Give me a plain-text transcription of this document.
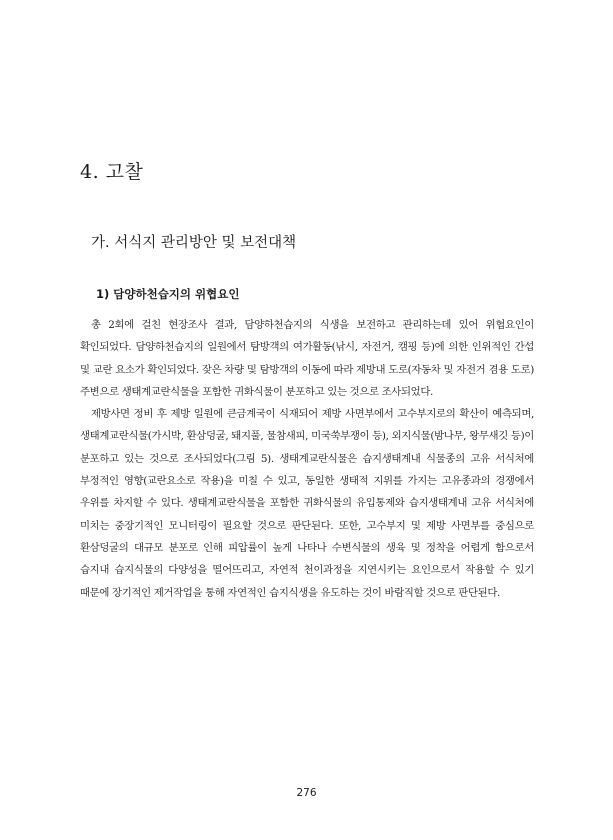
4. 고찰
가. 서식지 관리방안 및 보전대책
1) 담양하천습지의 위협요인

총 2회에 걸친 현장조사 결과, 담양하천습지의 식생을 보전하고 관리하는데 있어 위협요인이 확인되었다. 담양하천습지의 일원에서 탐방객의 여가활동(낚시, 자전거, 캠핑 등)에 의한 인위적인 간섭 및 교란 요소가 확인되었다. 잦은 차량 및 탐방객의 이동에 따라 제방내 도로(자동차 및 자전거 겸용 도로) 주변으로 생태계교란식물을 포함한 귀화식물이 분포하고 있는 것으로 조사되었다.

제방사면 정비 후 제방 일원에 큰금계국이 식재되어 제방 사면부에서 고수부지로의 확산이 예측되며, 생태계교란식물(가시박, 환삼덩굴, 돼지풀, 물참새피, 미국쑥부쟁이 등), 외지식물(밤나무, 왕무새깃 등)이 분포하고 있는 것으로 조사되었다(그림 5). 생태계교란식물은 습지생태계내 식물종의 고유 서식처에 부정적인 영향(교란요소로 작용)을 미칠 수 있고, 동일한 생태적 지위를 가지는 고유종과의 경쟁에서 우위를 차지할 수 있다. 생태계교란식물을 포함한 귀화식물의 유입통제와 습지생태계내 고유 서식처에 미치는 중장기적인 모니터링이 필요할 것으로 판단된다. 또한, 고수부지 및 제방 사면부를 중심으로 환삼덩굴의 대규모 분포로 인해 피압률이 높게 나타나 수변식물의 생육 및 정착을 어렵게 함으로서 습지내 습지식물의 다양성을 떨어뜨리고, 자연적 천이과정을 지연시키는 요인으로서 작용할 수 있기 때문에 장기적인 제거작업을 통해 자연적인 습지식생을 유도하는 것이 바람직할 것으로 판단된다.

276
